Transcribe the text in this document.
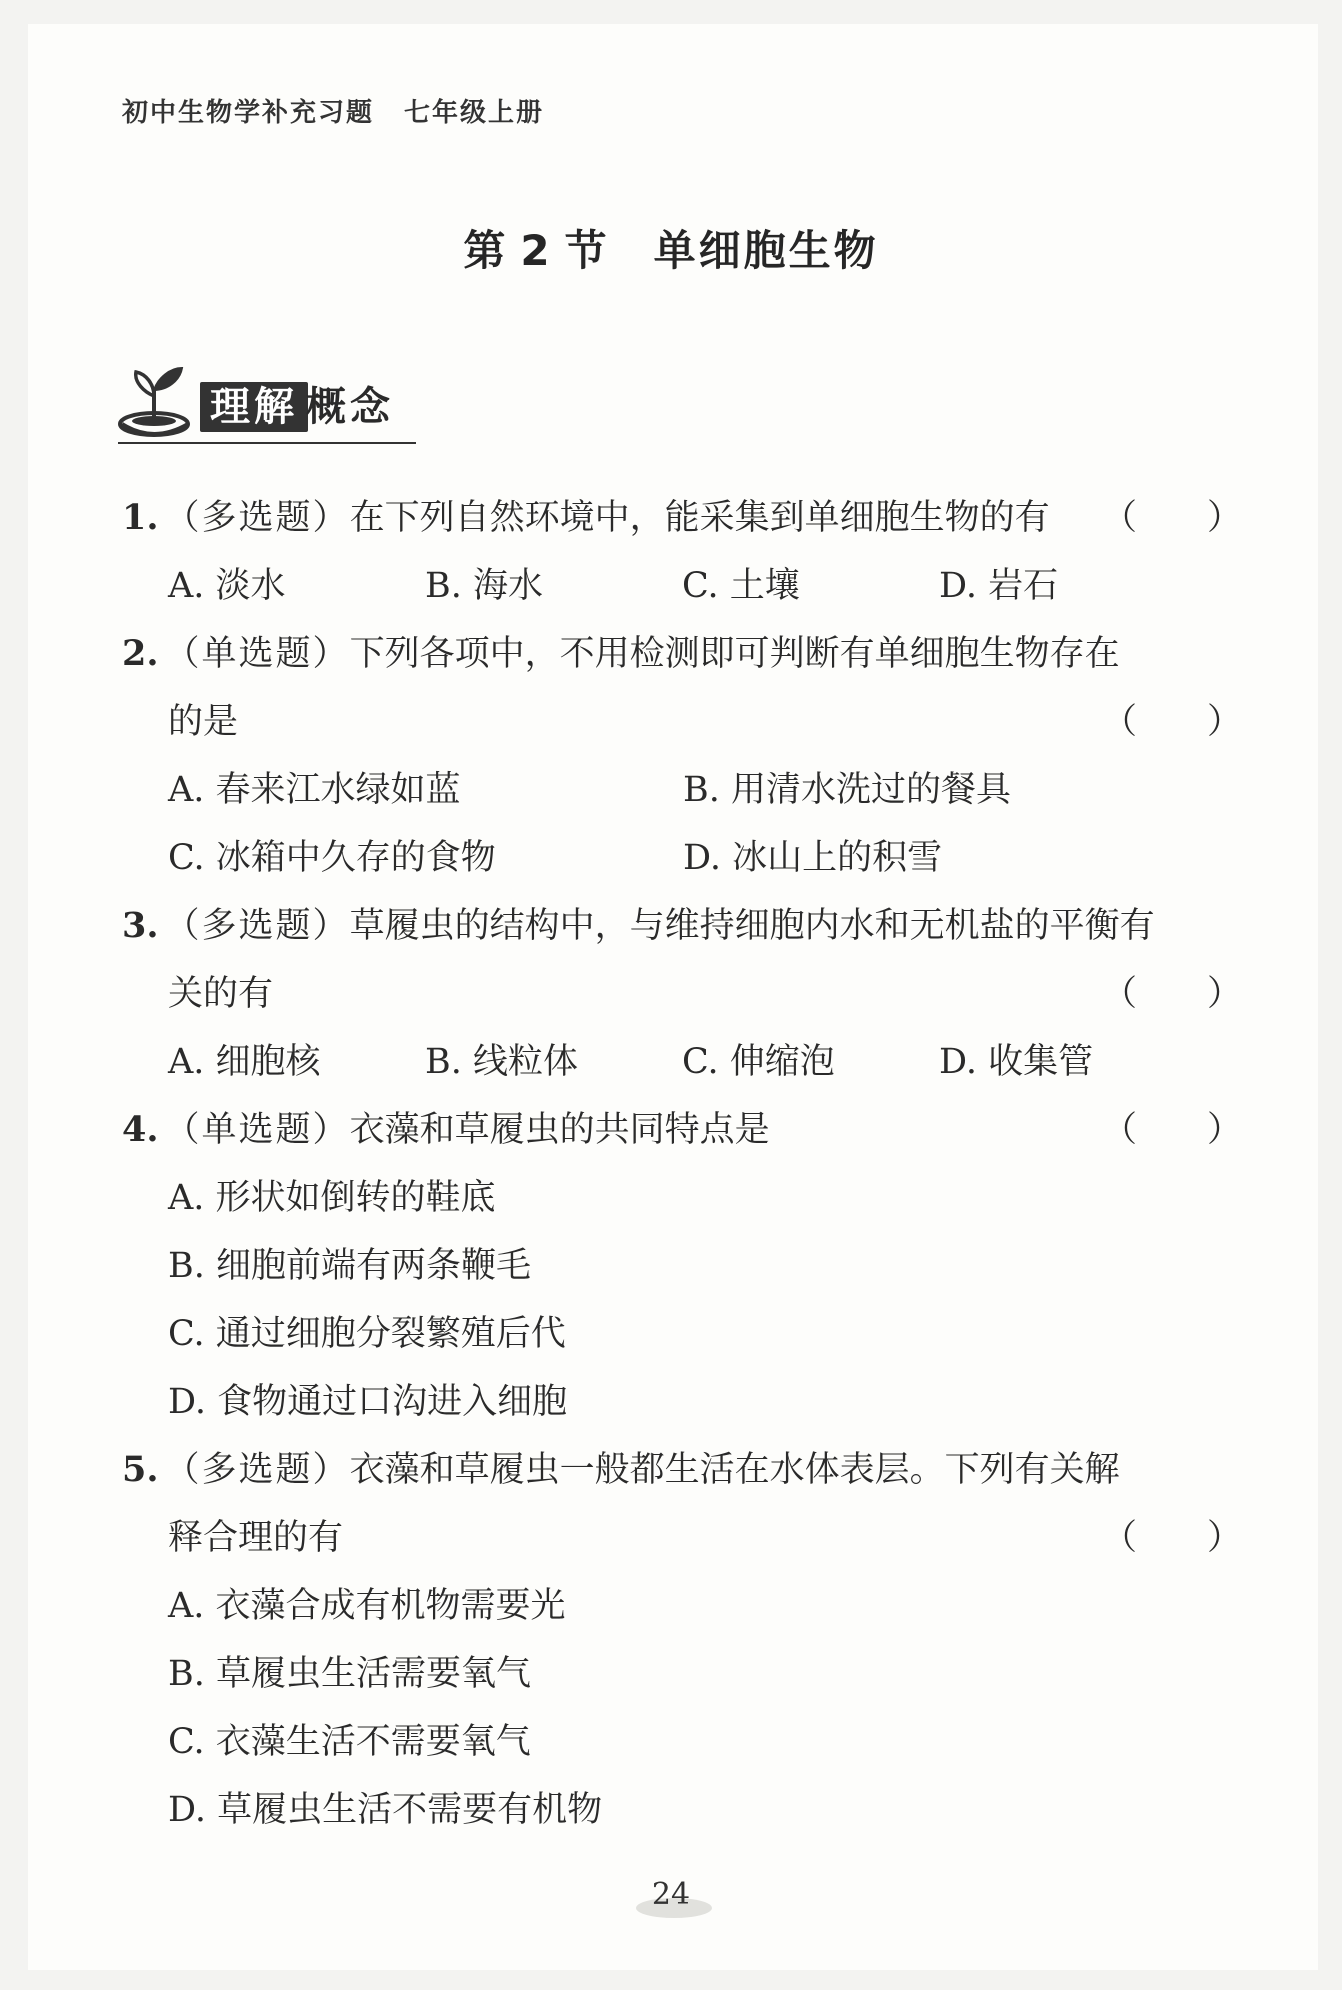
初中生物学补充习题 七年级上册
第 2 节 单细胞生物
理解 概念
1. （多选题）在下列自然环境中，能采集到单细胞生物的有 （　　）
A. 淡水	B. 海水	C. 土壤	D. 岩石
2. （单选题）下列各项中，不用检测即可判断有单细胞生物存在
的是	（　　）
A. 春来江水绿如蓝	B. 用清水洗过的餐具
C. 冰箱中久存的食物	D. 冰山上的积雪
3. （多选题）草履虫的结构中，与维持细胞内水和无机盐的平衡有
关的有	（　　）
A. 细胞核	B. 线粒体	C. 伸缩泡	D. 收集管
4. （单选题）衣藻和草履虫的共同特点是	（　　）
A. 形状如倒转的鞋底
B. 细胞前端有两条鞭毛
C. 通过细胞分裂繁殖后代
D. 食物通过口沟进入细胞
5. （多选题）衣藻和草履虫一般都生活在水体表层。下列有关解
释合理的有	（　　）
A. 衣藻合成有机物需要光
B. 草履虫生活需要氧气
C. 衣藻生活不需要氧气
D. 草履虫生活不需要有机物
24
